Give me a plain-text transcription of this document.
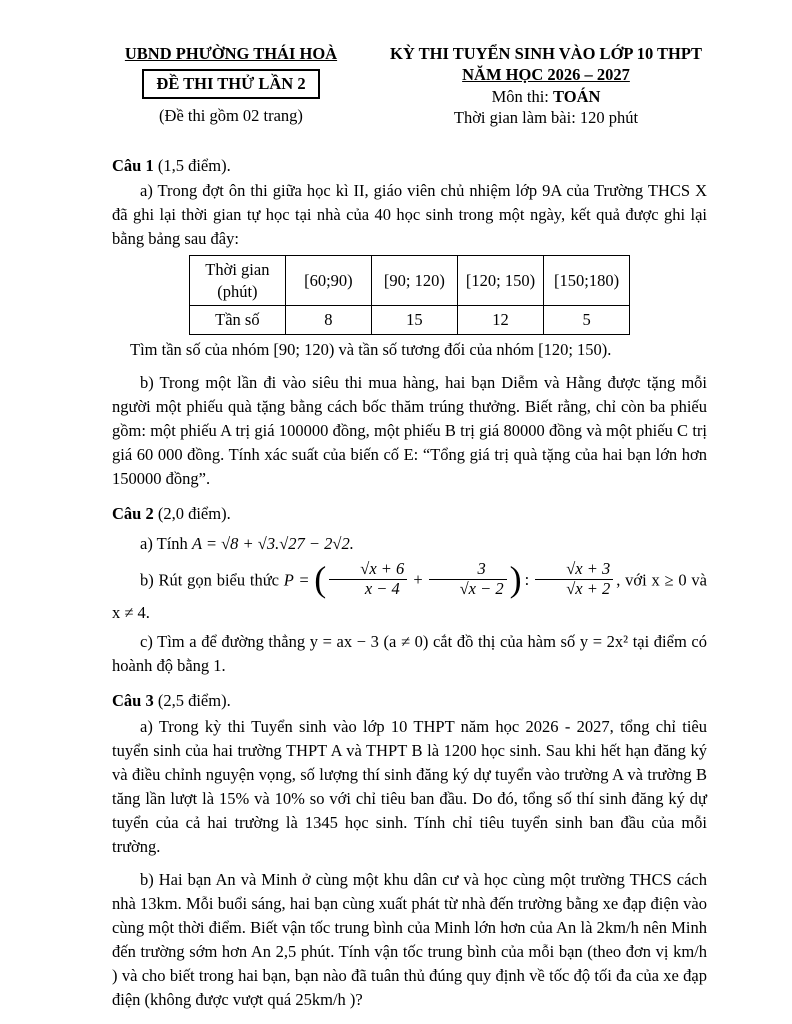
UBND PHƯỜNG THÁI HOÀ
ĐỀ THI THỬ LẦN 2
(Đề thi gồm 02 trang)
KỲ THI TUYỂN SINH VÀO LỚP 10 THPT
NĂM HỌC 2026 – 2027
Môn thi: TOÁN
Thời gian làm bài: 120 phút

Câu 1 (1,5 điểm).

a) Trong đợt ôn thi giữa học kì II, giáo viên chủ nhiệm lớp 9A của Trường THCS X đã ghi lại thời gian tự học tại nhà của 40 học sinh trong một ngày, kết quả được ghi lại bằng bảng sau đây:

Thời gian (phút)	[60;90)	[90; 120)	[120; 150)	[150;180)
Tần số	8	15	12	5

Tìm tần số của nhóm [90; 120) và tần số tương đối của nhóm [120; 150).

b) Trong một lần đi vào siêu thi mua hàng, hai bạn Diễm và Hằng được tặng mỗi người một phiếu quà tặng bằng cách bốc thăm trúng thưởng. Biết rằng, chỉ còn ba phiếu gồm: một phiếu A trị giá 100000 đồng, một phiếu B trị giá 80000 đồng và một phiếu C trị giá 60 000 đồng. Tính xác suất của biến cố E: “Tổng giá trị quà tặng của hai bạn lớn hơn 150000 đồng”.

Câu 2 (2,0 điểm).

a) Tính A = √8 + √3.√27 − 2√2.

b) Rút gọn biểu thức P = ( $\frac{√x + 6}{x - 4} + \frac{3}{√x - 2}$ ) : $\frac{√x + 3}{√x + 2}$ , với x ≥ 0 và x ≠ 4.

c) Tìm a để đường thẳng y = ax − 3 (a ≠ 0) cắt đồ thị của hàm số y = 2x² tại điểm có hoành độ bằng 1.

Câu 3 (2,5 điểm).

a) Trong kỳ thi Tuyển sinh vào lớp 10 THPT năm học 2026 - 2027, tổng chỉ tiêu tuyển sinh của hai trường THPT A và THPT B là 1200 học sinh. Sau khi hết hạn đăng ký và điều chỉnh nguyện vọng, số lượng thí sinh đăng ký dự tuyển vào trường A và trường B tăng lần lượt là 15% và 10% so với chỉ tiêu ban đầu. Do đó, tổng số thí sinh đăng ký dự tuyển của cả hai trường là 1345 học sinh. Tính chỉ tiêu tuyển sinh ban đầu của mỗi trường.

b) Hai bạn An và Minh ở cùng một khu dân cư và học cùng một trường THCS cách nhà 13km. Mỗi buổi sáng, hai bạn cùng xuất phát từ nhà đến trường bằng xe đạp điện vào cùng một thời điểm. Biết vận tốc trung bình của Minh lớn hơn của An là 2km/h nên Minh đến trường sớm hơn An 2,5 phút. Tính vận tốc trung bình của mỗi bạn (theo đơn vị km/h ) và cho biết trong hai bạn, bạn nào đã tuân thủ đúng quy định về tốc độ tối đa của xe đạp điện (không được vượt quá 25km/h )?
